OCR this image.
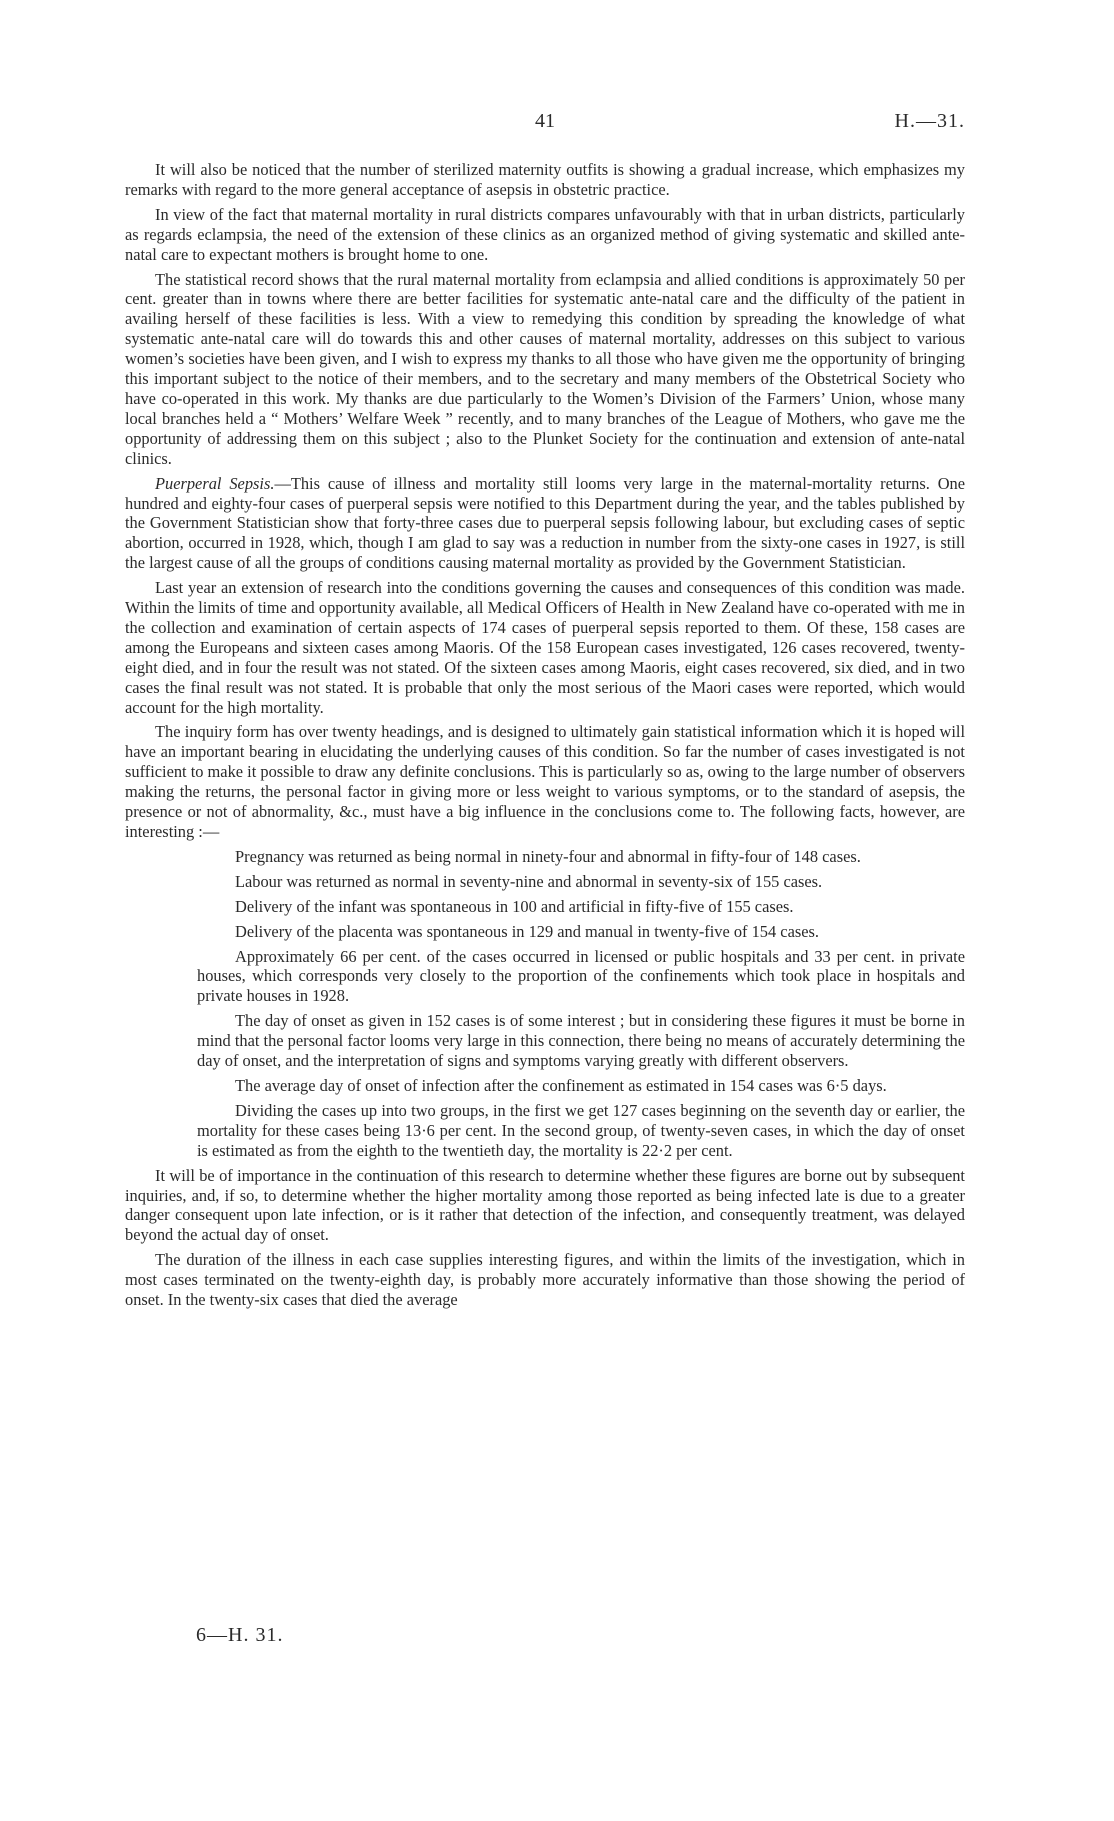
41	H.—31.

It will also be noticed that the number of sterilized maternity outfits is showing a gradual increase, which emphasizes my remarks with regard to the more general acceptance of asepsis in obstetric practice.

In view of the fact that maternal mortality in rural districts compares unfavourably with that in urban districts, particularly as regards eclampsia, the need of the extension of these clinics as an organized method of giving systematic and skilled ante-natal care to expectant mothers is brought home to one.

The statistical record shows that the rural maternal mortality from eclampsia and allied conditions is approximately 50 per cent. greater than in towns where there are better facilities for systematic ante-natal care and the difficulty of the patient in availing herself of these facilities is less. With a view to remedying this condition by spreading the knowledge of what systematic ante-natal care will do towards this and other causes of maternal mortality, addresses on this subject to various women’s societies have been given, and I wish to express my thanks to all those who have given me the opportunity of bringing this important subject to the notice of their members, and to the secretary and many members of the Obstetrical Society who have co-operated in this work. My thanks are due particularly to the Women’s Division of the Farmers’ Union, whose many local branches held a “ Mothers’ Welfare Week ” recently, and to many branches of the League of Mothers, who gave me the opportunity of addressing them on this subject ; also to the Plunket Society for the continuation and extension of ante-natal clinics.

Puerperal Sepsis.—This cause of illness and mortality still looms very large in the maternal-mortality returns. One hundred and eighty-four cases of puerperal sepsis were notified to this Department during the year, and the tables published by the Government Statistician show that forty-three cases due to puerperal sepsis following labour, but excluding cases of septic abortion, occurred in 1928, which, though I am glad to say was a reduction in number from the sixty-one cases in 1927, is still the largest cause of all the groups of conditions causing maternal mortality as provided by the Government Statistician.

Last year an extension of research into the conditions governing the causes and consequences of this condition was made. Within the limits of time and opportunity available, all Medical Officers of Health in New Zealand have co-operated with me in the collection and examination of certain aspects of 174 cases of puerperal sepsis reported to them. Of these, 158 cases are among the Europeans and sixteen cases among Maoris. Of the 158 European cases investigated, 126 cases recovered, twenty-eight died, and in four the result was not stated. Of the sixteen cases among Maoris, eight cases recovered, six died, and in two cases the final result was not stated. It is probable that only the most serious of the Maori cases were reported, which would account for the high mortality.

The inquiry form has over twenty headings, and is designed to ultimately gain statistical information which it is hoped will have an important bearing in elucidating the underlying causes of this condition. So far the number of cases investigated is not sufficient to make it possible to draw any definite conclusions. This is particularly so as, owing to the large number of observers making the returns, the personal factor in giving more or less weight to various symptoms, or to the standard of asepsis, the presence or not of abnormality, &c., must have a big influence in the conclusions come to. The following facts, however, are interesting :—

Pregnancy was returned as being normal in ninety-four and abnormal in fifty-four of 148 cases.

Labour was returned as normal in seventy-nine and abnormal in seventy-six of 155 cases.

Delivery of the infant was spontaneous in 100 and artificial in fifty-five of 155 cases.

Delivery of the placenta was spontaneous in 129 and manual in twenty-five of 154 cases.

Approximately 66 per cent. of the cases occurred in licensed or public hospitals and 33 per cent. in private houses, which corresponds very closely to the proportion of the confinements which took place in hospitals and private houses in 1928.

The day of onset as given in 152 cases is of some interest ; but in considering these figures it must be borne in mind that the personal factor looms very large in this connection, there being no means of accurately determining the day of onset, and the interpretation of signs and symptoms varying greatly with different observers.

The average day of onset of infection after the confinement as estimated in 154 cases was 6·5 days.

Dividing the cases up into two groups, in the first we get 127 cases beginning on the seventh day or earlier, the mortality for these cases being 13·6 per cent. In the second group, of twenty-seven cases, in which the day of onset is estimated as from the eighth to the twentieth day, the mortality is 22·2 per cent.

It will be of importance in the continuation of this research to determine whether these figures are borne out by subsequent inquiries, and, if so, to determine whether the higher mortality among those reported as being infected late is due to a greater danger consequent upon late infection, or is it rather that detection of the infection, and consequently treatment, was delayed beyond the actual day of onset.

The duration of the illness in each case supplies interesting figures, and within the limits of the investigation, which in most cases terminated on the twenty-eighth day, is probably more accurately informative than those showing the period of onset. In the twenty-six cases that died the average

6—H. 31.
